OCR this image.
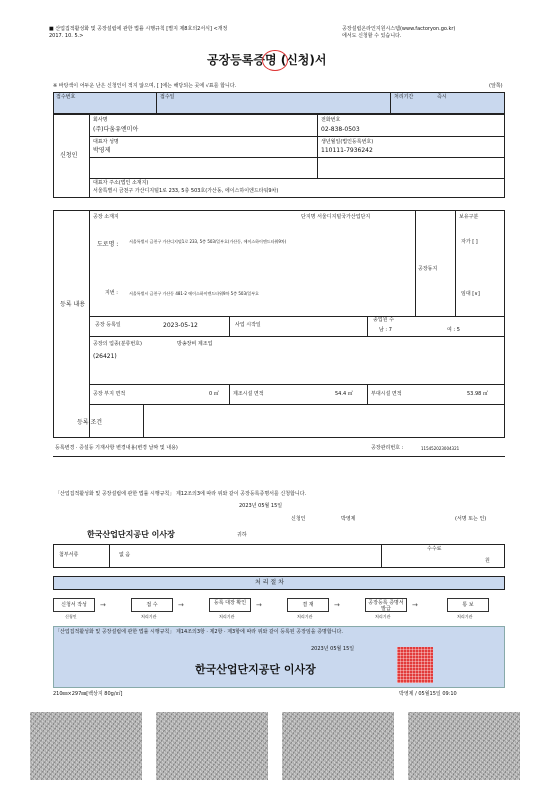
■ 산업집적활성화 및 공장설립에 관한 법률 시행규칙 [별지 제8호의2서식] <개정
2017. 10. 5.>
공장설립온라인지원시스템(www.factoryon.go.kr)
에서도 신청할 수 있습니다.
공장등록증명 (신청)서
※ 바탕색이 어두운 난은 신청인이 적지 않으며, [ ]에는 해당되는 곳에 √표를 합니다.	(앞쪽)
접수번호	접수일	처리기간	즉시
신청인
회사명
(주)다움유엔미아
전화번호
02-838-0503
대표자 성명
박영제
생년월일(법인등록번호)
110111-7936242
대표자 주소(법인 소재지)
서울특별시 금천구 가산디지털1로 233, 5층 503호(가산동, 에이스하이엔드타워9차)
등록 내용
공장 소재지	단지명 서울디지털국가산업단지
도로명 :	서울특별시 금천구 가산디지털1로 233, 5층 503/일부호(가산동, 에이스하이엔드타워9차)
지번 :	서울특별시 금천구 가산동 481-2 에이스하이엔드타워9차 5층 503/일부호
공장동지
보유구분
자가 [ ]
임대 [∨]
공장 등록일	2023-05-12	사업 시작일
종업원 수
남 : 7	여 : 5
공장의 업종(분류번호)	방송장비 제조업
(26421)
공장 부지 면적	0 ㎡	제조시설 면적	54.4 ㎡	부대시설 면적	53.98 ㎡
등록 조건
등록변경 · 증설등 기재사항 변경내용(변경 날짜 및 내용)	공장관리번호 :	115452023004321
「산업집적활성화 및 공장설립에 관한 법률 시행규칙」 제12조의3에 따라 위와 같이 공장등록증명서를 신청합니다.
2023년 05월 15일
신청인	박영제	(서명 또는 인)
한국산업단지공단 이사장	귀하
첨부서류	없 음
수수료
원
처 리 절 차
신청서 작성	→	접 수	→	등록 대장 확인	→	결 재	→	공장등록 증명서 발급	→	통 보
신청인	처리기관	처리기관	처리기관	처리기관	처리기관
「산업집적활성화 및 공장설립에 관한 법률 시행규칙」 제14조의3항 · 제2항 · 제3항에 따라 위와 같이 등록된 공장임을 증명합니다.
2023년 05월 15일
한국산업단지공단 이사장
210㎜×297㎜[백상지 80g/㎡]	박영제 / 05월15일 09:10
